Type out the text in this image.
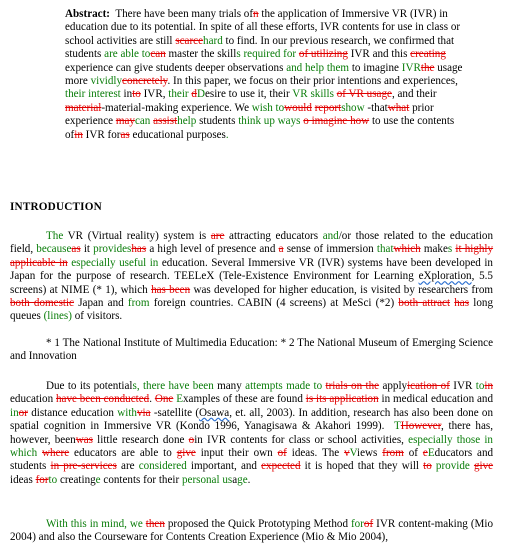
Abstract: There have been many trials ofn the application of Immersive VR (IVR) in education due to its potential. In spite of all these efforts, IVR contents for use in class or school activities are still scarcehard to find. In our previous research, we confirmed that students are able tocan master the skills required for of utilizing IVR and this creating experience can give students deeper observations and help them to imagine IVRthe usage more vividlyconcretely. In this paper, we focus on their prior intentions and experiences, their interest into IVR, their dDesire to use it, their VR skills of VR usage, and their material-material-making experience. We wish towould reportshow -thatwhat prior experience maycan assisthelp students think up ways o imagine how to use the contents ofin IVR foras educational purposes.
INTRODUCTION
The VR (Virtual reality) system is are attracting educators and/or those related to the education field, becauseas it provideshas a high level of presence and a sense of immersion thatwhich makes it highly applicable in especially useful in education. Several Immersive VR (IVR) systems have been developed in Japan for the purpose of research. TEELeX (Tele-Existence Environment for Learning eXploration, 5.5 screens) at NIME (* 1), which has been was developed for higher education, is visited by researchers from both domestic Japan and from foreign countries. CABIN (4 screens) at MeSci (*2) both attract has long queues (lines) of visitors.
* 1 The National Institute of Multimedia Education: * 2 The National Museum of Emerging Science and Innovation
Due to its potentials, there have been many attempts made to trials on the applyication of IVR toin education have been conducted. One Examples of these are found is its application in medical education and inor distance education withvia -satellite (Osawa, et. all, 2003). In addition, research has also been done on spatial cognition in Immersive VR (Kondo 1996, Yanagisawa & Akahori 1999). THowever, there has, however, beenwas little research done oin IVR contents for class or school activities, especially those in which where educators are able to give input their own of ideas. The vViews from of eEducators and students in pre-services are considered important, and expected it is hoped that they will to provide give ideas forto creatinge contents for their personal usage.
With this in mind, we then proposed the Quick Prototyping Method forof IVR content-making (Mio 2004) and also the Courseware for Contents Creation Experience (Mio & Mio 2004),
